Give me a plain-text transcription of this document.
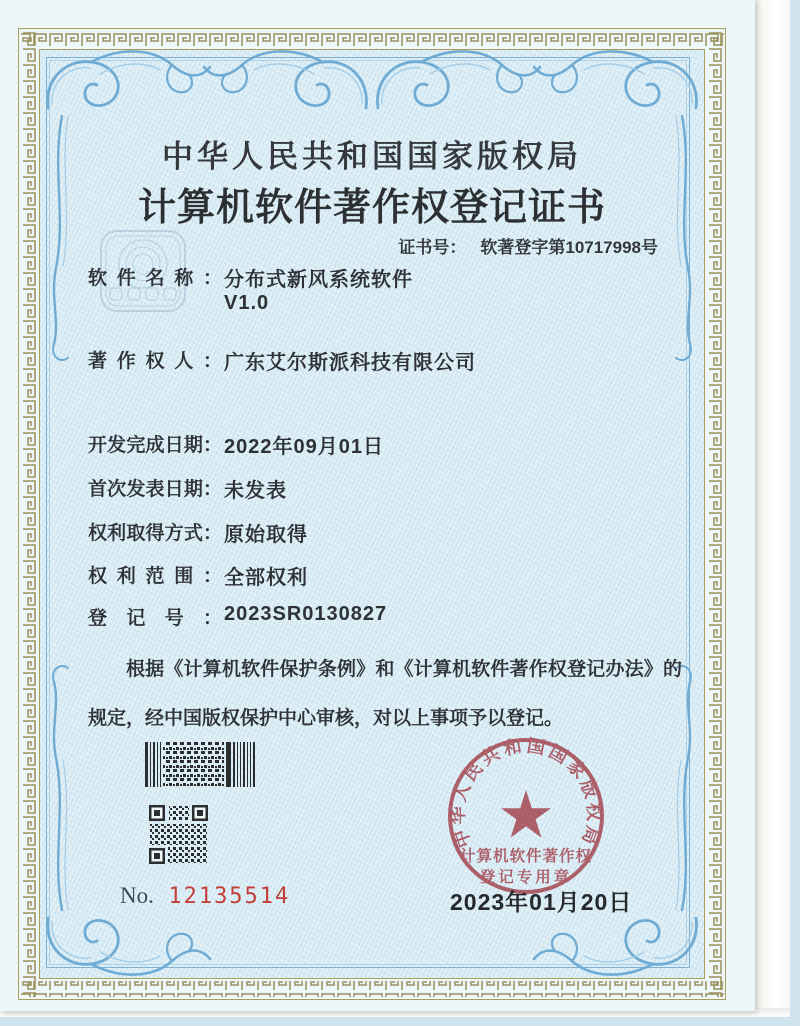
中华人民共和国国家版权局
计算机软件著作权登记证书
证书号： 软著登字第10717998号
软件名称： 分布式新风系统软件
V1.0
著作权人： 广东艾尔斯派科技有限公司
开发完成日期： 2022年09月01日
首次发表日期： 未发表
权利取得方式： 原始取得
权利范围： 全部权利
登记号： 2023SR0130827
根据《计算机软件保护条例》和《计算机软件著作权登记办法》的规定，经中国版权保护中心审核，对以上事项予以登记。
中华人民共和国国家版权局
计算机软件著作权
登记专用章
No. 12135514	2023年01月20日
